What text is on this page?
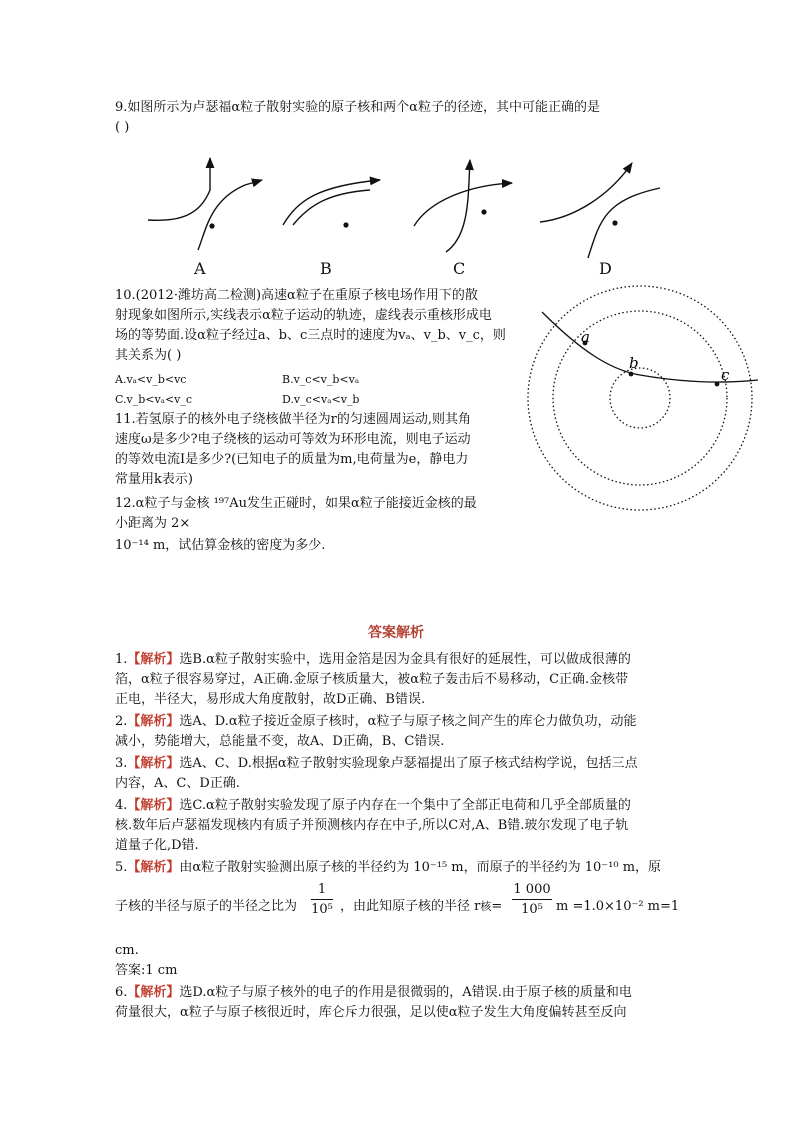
9.如图所示为卢瑟福α粒子散射实验的原子核和两个α粒子的径迹，其中可能正确的是
( )
A	B	C	D
10.(2012·潍坊高二检测)高速α粒子在重原子核电场作用下的散
射现象如图所示,实线表示α粒子运动的轨迹，虚线表示重核形成电
场的等势面.设α粒子经过a、b、c三点时的速度为vₐ、v_b、v_c，则
其关系为( )
A.vₐ<v_b<vc	B.v_c<v_b<vₐ
C.v_b<vₐ<v_c	D.v_c<vₐ<v_b
a
b
c
11.若氢原子的核外电子绕核做半径为r的匀速圆周运动,则其角
速度ω是多少?电子绕核的运动可等效为环形电流，则电子运动
的等效电流I是多少?(已知电子的质量为m,电荷量为e，静电力
常量用k表示)
12.α粒子与金核 ¹⁹⁷Au发生正碰时，如果α粒子能接近金核的最
小距离为 2×
10⁻¹⁴ m，试估算金核的密度为多少.
答案解析
1.【解析】选B.α粒子散射实验中，选用金箔是因为金具有很好的延展性，可以做成很薄的
箔，α粒子很容易穿过，A正确.金原子核质量大，被α粒子轰击后不易移动，C正确.金核带
正电，半径大，易形成大角度散射，故D正确、B错误.
2.【解析】选A、D.α粒子接近金原子核时，α粒子与原子核之间产生的库仑力做负功，动能
减小，势能增大，总能量不变，故A、D正确，B、C错误.
3.【解析】选A、C、D.根据α粒子散射实验现象卢瑟福提出了原子核式结构学说，包括三点
内容，A、C、D正确.
4.【解析】选C.α粒子散射实验发现了原子内存在一个集中了全部正电荷和几乎全部质量的
核.数年后卢瑟福发现核内有质子并预测核内存在中子,所以C对,A、B错.玻尔发现了电子轨
道量子化,D错.
5.【解析】由α粒子散射实验测出原子核的半径约为 10⁻¹⁵ m，而原子的半径约为 10⁻¹⁰ m，原
子核的半径与原子的半径之比为
1
10⁵ ，由此知原子核的半径 r核=
1 000
10⁵	m =1.0×10⁻² m=1
cm.
答案:1 cm
6.【解析】选D.α粒子与原子核外的电子的作用是很微弱的，A错误.由于原子核的质量和电
荷量很大，α粒子与原子核很近时，库仑斥力很强，足以使α粒子发生大角度偏转甚至反向
